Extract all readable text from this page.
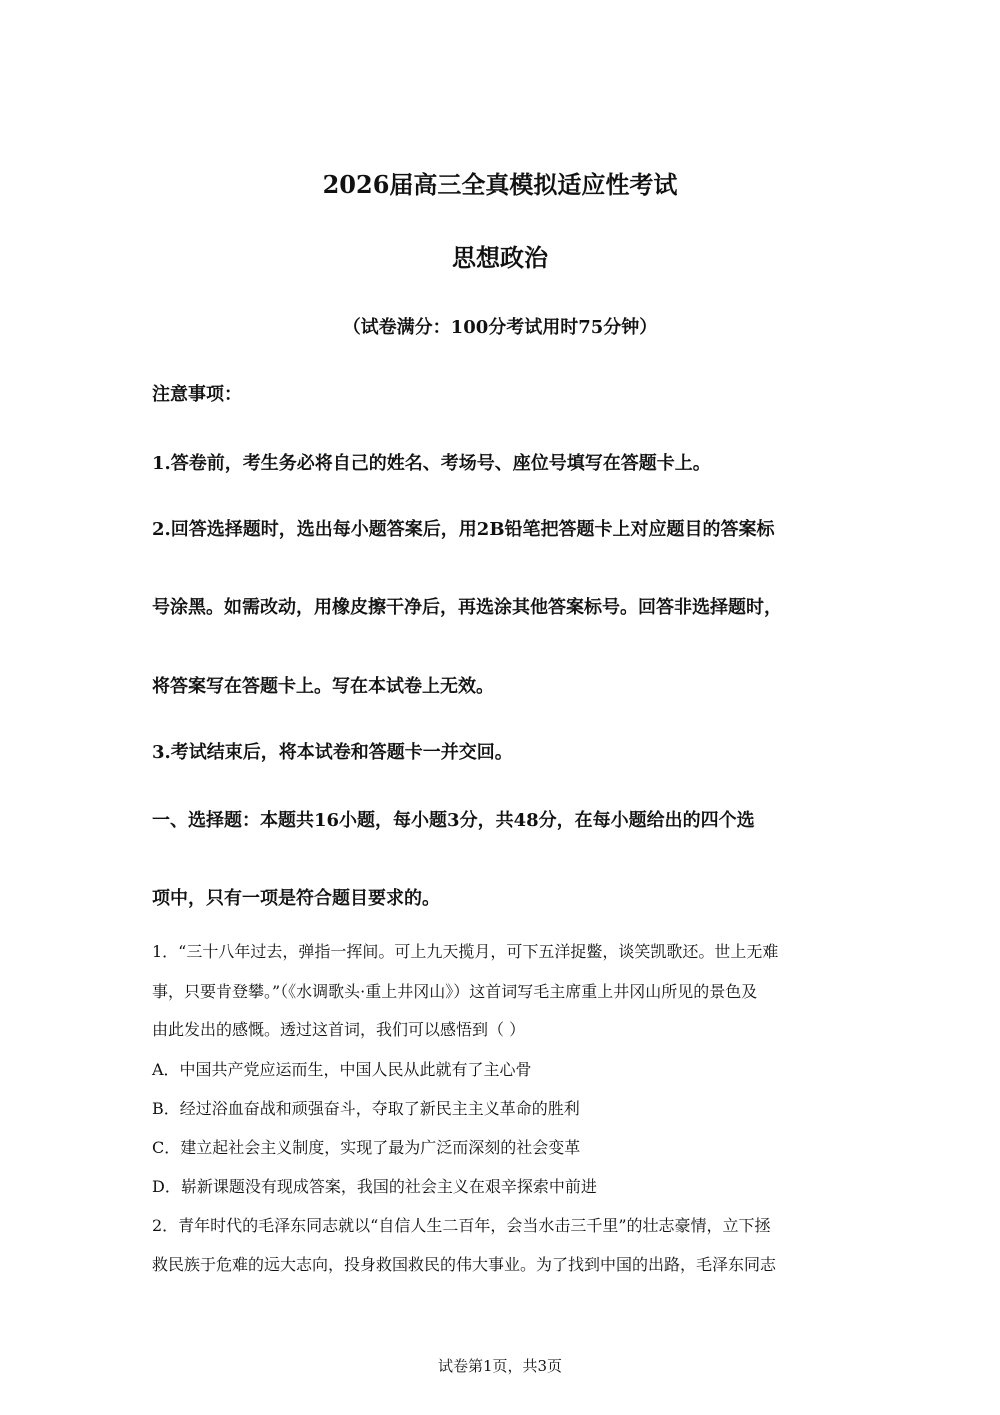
2026届高三全真模拟适应性考试
思想政治
（试卷满分：100分考试用时75分钟）
注意事项：
1.答卷前，考生务必将自己的姓名、考场号、座位号填写在答题卡上。
2.回答选择题时，选出每小题答案后，用2B铅笔把答题卡上对应题目的答案标
号涂黑。如需改动，用橡皮擦干净后，再选涂其他答案标号。回答非选择题时，
将答案写在答题卡上。写在本试卷上无效。
3.考试结束后，将本试卷和答题卡一并交回。
一、选择题：本题共16小题，每小题3分，共48分，在每小题给出的四个选
项中，只有一项是符合题目要求的。
1．“三十八年过去，弹指一挥间。可上九天揽月，可下五洋捉鳖，谈笑凯歌还。世上无难
事，只要肯登攀。”（《水调歌头·重上井冈山》）这首词写毛主席重上井冈山所见的景色及
由此发出的感慨。透过这首词，我们可以感悟到（ ）
A．中国共产党应运而生，中国人民从此就有了主心骨
B．经过浴血奋战和顽强奋斗，夺取了新民主主义革命的胜利
C．建立起社会主义制度，实现了最为广泛而深刻的社会变革
D．崭新课题没有现成答案，我国的社会主义在艰辛探索中前进
2．青年时代的毛泽东同志就以“自信人生二百年，会当水击三千里”的壮志豪情，立下拯
救民族于危难的远大志向，投身救国救民的伟大事业。为了找到中国的出路，毛泽东同志
试卷第1页，共3页
